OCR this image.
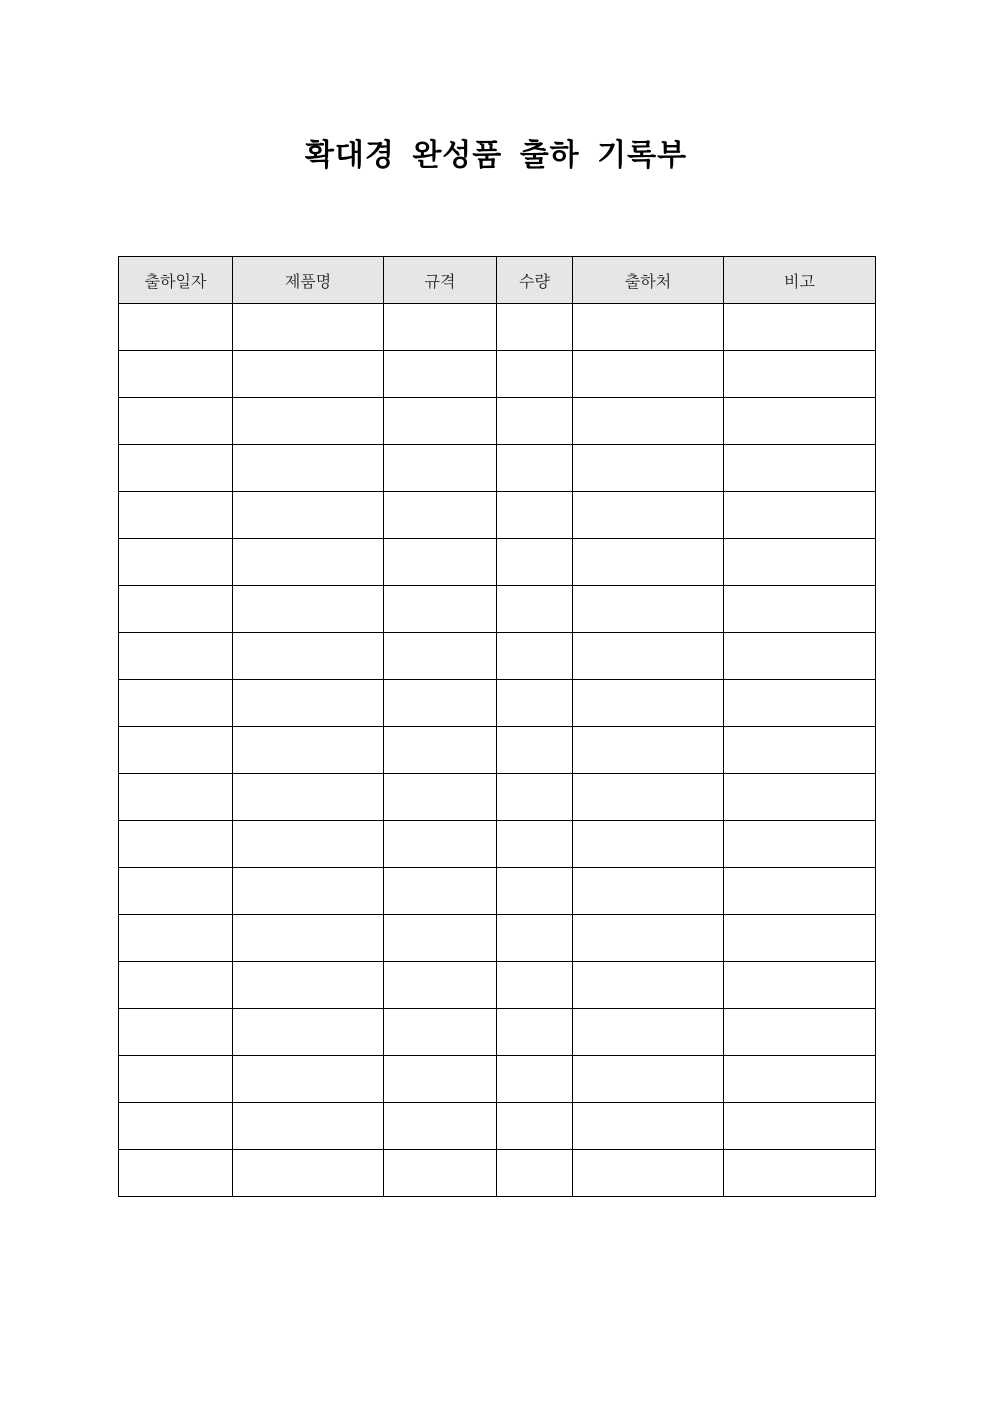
확대경 완성품 출하 기록부
출하일자	제품명	규격	수량	출하처	비고
